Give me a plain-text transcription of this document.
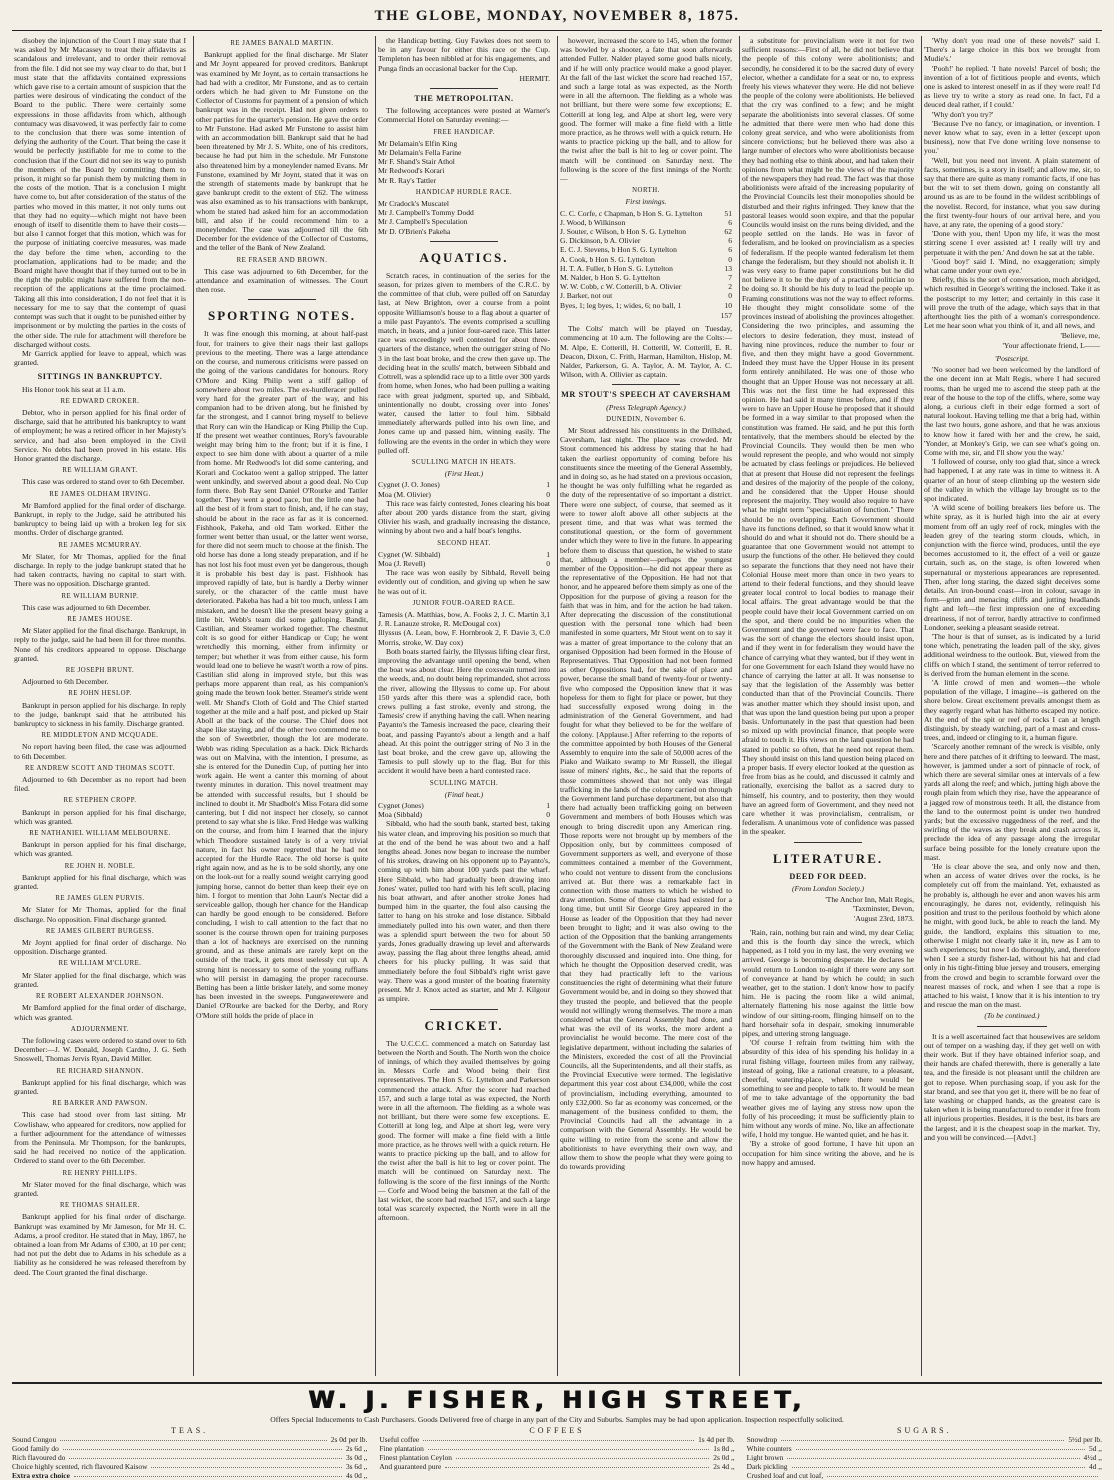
THE GLOBE, MONDAY, NOVEMBER 8, 1875.

disobey the injunction of the Court I may state that I was asked by Mr Macassey to treat their affidavits as scandalous and irrelevant, and to order their removal from the file. I did not see my way clear to do that, but I must state that the affidavits contained expressions which gave rise to a certain amount of suspicion that the parties were desirous of vindicating the conduct of the Board to the public. There were certainly some expressions in those affidavits from which, although contumacy was disavowed, it was perfectly fair to come to the conclusion that there was some intention of defying the authority of the Court. That being the case it would be perfectly justifiable for me to come to the conclusion that if the Court did not see its way to punish the members of the Board by committing them to prison, it might so far punish them by mulcting them in the costs of the motion. That is a conclusion I might have come to, but after consideration of the status of the parties who moved in this matter, it not only turns out that they had no equity—which might not have been enough of itself to disentitle them to have their costs—but also I cannot forget that this motion, which was for the purpose of initiating coercive measures, was made the day before the time when, according to the proclamation, applications had to be made; and the Board might have thought that if they turned out to be in the right the public might have suffered from the non-reception of the applications at the time proclaimed. Taking all this into consideration, I do not feel that it is necessary for me to say that the contempt of quasi contempt was such that it ought to be punished either by imprisonment or by mulcting the parties in the costs of the other side. The rule for attachment will therefore be discharged without costs.

Mr Garrick applied for leave to appeal, which was granted.

SITTINGS IN BANKRUPTCY.

His Honor took his seat at 11 a.m.

RE EDWARD CROKER.

Debtor, who in person applied for his final order of discharge, said that he attributed his bankruptcy to want of employment; he was a retired officer in her Majesty's service, and had also been employed in the Civil Service. No debts had been proved in his estate. His Honor granted the discharge.

RE WILLIAM GRANT.

This case was ordered to stand over to 6th December.

RE JAMES OLDHAM IRVING.

Mr Bamford applied for the final order of discharge. Bankrupt, in reply to the Judge, said he attributed his bankruptcy to being laid up with a broken leg for six months. Order of discharge granted.

RE JAMES MCMURRAY.

Mr Slater, for Mr Thomas, applied for the final discharge. In reply to the judge bankrupt stated that he had taken contracts, having no capital to start with. There was no opposition. Discharge granted.

RE WILLIAM BURNIP.

This case was adjourned to 6th December.

RE JAMES HOUSE.

Mr Slater applied for the final discharge. Bankrupt, in reply to the judge, said he had been ill for three months. None of his creditors appeared to oppose. Discharge granted.

RE JOSEPH BRUNT.

Adjourned to 6th December.

RE JOHN HESLOP.

Bankrupt in person applied for his discharge. In reply to the judge, bankrupt said that he attributed his bankruptcy to sickness in his family. Discharge granted.

RE MIDDLETON AND MCQUADE.

No report having been filed, the case was adjourned to 6th December.

RE ANDREW SCOTT AND THOMAS SCOTT.

Adjourned to 6th December as no report had been filed.

RE STEPHEN CROPP.

Bankrupt in person applied for his final discharge, which was granted.

RE NATHANIEL WILLIAM MELBOURNE.

Bankrupt in person applied for his final discharge, which was granted.

RE JOHN H. NOBLE.

Bankrupt applied for his final discharge, which was granted.

RE JAMES GLEN PURVIS.

Mr Slater for Mr Thomas, applied for the final discharge. No opposition. Final discharge granted.

RE JAMES GILBERT BURGESS.

Mr Joynt applied for final order of discharge. No opposition. Discharge granted.

RE WILLIAM M'CLURE.

Mr Slater applied for the final discharge, which was granted.

RE ROBERT ALEXANDER JOHNSON.

Mr Bamford applied for the final order of discharge, which was granted.

ADJOURNMENT.

The following cases were ordered to stand over to 6th December:—J. W. Donald, Joseph Cardno, J. G. Seth Snoswell, Thomas Jervis Ryan, David Miller.

RE RICHARD SHANNON.

Bankrupt applied for his final discharge, which was granted.

RE BARKER AND PAWSON.

This case had stood over from last sitting. Mr Cowlishaw, who appeared for creditors, now applied for a further adjournment for the attendance of witnesses from the Peninsula. Mr Thompson, for the bankrupts, said he had received no notice of the application. Ordered to stand over to the 6th December.

RE HENRY PHILLIPS.

Mr Slater moved for the final discharge, which was granted.

RE THOMAS SHAILER.

Bankrupt applied for his final order of discharge. Bankrupt was examined by Mr Jameson, for Mr H. C. Adams, a proof creditor. He stated that in May, 1867, he obtained a loan from Mr Adams of £300, at 10 per cent; had not put the debt due to Adams in his schedule as a liability as he considered he was released therefrom by deed. The Court granted the final discharge.

RE JAMES BANALD MARTIN.

Bankrupt applied for the final discharge. Mr Slater and Mr Joynt appeared for proved creditors. Bankrupt was examined by Mr Joynt, as to certain transactions he had had with a creditor, Mr Funstone, and as to certain orders which he had given to Mr Funstone on the Collector of Customs for payment of a pension of which bankrupt was in the receipt. Had not given orders to other parties for the quarter's pension. He gave the order to Mr Funstone. Had asked Mr Funstone to assist him with an accommodation bill. Bankrupt said that he had been threatened by Mr J. S. White, one of his creditors, because he had put him in the schedule. Mr Funstone also threatened him by a moneylender named Evans. Mr Funstone, examined by Mr Joynt, stated that it was on the strength of statements made by bankrupt that he gave bankrupt credit to the extent of £62. The witness was also examined as to his transactions with bankrupt, whom he stated had asked him for an accommodation bill, and also if he could recommend him to a moneylender. The case was adjourned till the 6th December for the evidence of the Collector of Customs, and the teller of the Bank of New Zealand.

RE FRASER AND BROWN.

This case was adjourned to 6th December, for the attendance and examination of witnesses. The Court then rose.

SPORTING NOTES.

It was fine enough this morning, at about half-past four, for trainers to give their nags their last gallops previous to the meeting. There was a large attendance on the course, and numerous criticisms were passed on the going of the various candidates for honours. Rory O'More and King Philip went a stiff gallop of somewhere about two miles. The ex-hurdleracer pulled very hard for the greater part of the way, and his companion had to be driven along, but he finished by far the strongest, and I cannot bring myself to believe that Rory can win the Handicap or King Philip the Cup. If the present wet weather continues, Rory's favourable weight may bring him to the front; but if it is fine, I expect to see him done with about a quarter of a mile from home. Mr Redwood's lot did some cantering, and Korari and Cockatoo went a gallop stripped. The latter went unkindly, and swerved about a good deal. No Cup form there. Bob Ray sent Daniel O'Rourke and Tattler together. They went a good pace, but the little one had all the best of it from start to finish, and, if he can stay, should be about in the race as far as it is concerned. Fishhook, Pakeha, and old Tam worked. Either the former went better than usual, or the latter went worse, for there did not seem much to choose at the finish. The old horse has done a long steady preparation, and if he has not lost his foot must even yet be dangerous, though it is probable his best day is past. Fishhook has improved rapidly of late, but is hardly a Derby winner surely, or the character of the cattle must have deteriorated. Pakeha has had a bit too much, unless I am mistaken, and he doesn't like the present heavy going a little bit. Webb's team did some galloping. Bandit, Castilian, and Steamer worked together. The chestnut colt is so good for either Handicap or Cup; he went wretchedly this morning, either from infirmity or temper; but whether it was from either cause, his form would lead one to believe he wasn't worth a row of pins. Castilian slid along in improved style, but this was perhaps more apparent than real, as his companion's going made the brown look better. Steamer's stride went well. Mr Shand's Cloth of Gold and The Chief started together at the mile and a half post, and picked up Stair Aboll at the back of the course. The Chief does not shape like staying, and of the other two commend me to the son of Sweetbrier, though the lot are moderate. Webb was riding Speculation as a hack. Dick Richards was out on Malvina, with the intention, I presume, as she is entered for the Dunedin Cup, of putting her into work again. He went a canter this morning of about twenty minutes in duration. This novel treatment may be attended with successful results, but I should be inclined to doubt it. Mr Shadbolt's Miss Fotara did some cantering, but I did not inspect her closely, so cannot pretend to say what she is like. Fred Hedge was walking on the course, and from him I learned that the injury which Theodore sustained lately is of a very trivial nature, in fact his owner regretted that he had not accepted for the Hurdle Race. The old horse is quite right again now, and as he is to be sold shortly, any one on the look-out for a really sound weight carrying good jumping horse, cannot do better than keep their eye on him. I forgot to mention that John Laun's Nectar did a serviceable gallop, though her chance for the Handicap can hardly be good enough to be considered. Before concluding, I wish to call attention to the fact that no sooner is the course thrown open for training purposes than a lot of hackneys are exercised on the running ground, and as these animals are rarely kept on the outside of the track, it gets most uselessly cut up. A strong hint is necessary to some of the young ruffians who will persist in damaging the proper racecourse. Betting has been a little brisker lately, and some money has been invested in the sweeps. Pungawerewere and Daniel O'Rourke are backed for the Derby, and Rory O'More still holds the pride of place in

the Handicap betting. Guy Fawkes does not seem to be in any favour for either this race or the Cup. Templeton has been nibbled at for his engagements, and Punga finds an occasional backer for the Cup.

HERMIT.
THE METROPOLITAN.

The following acceptances were posted at Warner's Commercial Hotel on Saturday evening:—

FREE HANDICAP.
Mr Delamain's Elfin King
Mr Delamain's Fella Farine
Mr F. Shand's Stair Athol
Mr Redwood's Korari
Mr R. Ray's Tattler
HANDICAP HURDLE RACE.
Mr Cradock's Muscatel
Mr J. Campbell's Tommy Dodd
Mr J. Campbell's Speculation
Mr D. O'Brien's Pakeha
AQUATICS.

Scratch races, in continuation of the series for the season, for prizes given to members of the C.R.C. by the committee of that club, were pulled off on Saturday last, at New Brighton, over a course from a point opposite Williamson's house to a flag about a quarter of a mile past Payanto's. The events comprised a sculling match, in heats, and a junior four-oared race. This latter race was exceedingly well contested for about three-quarters of the distance, when the outrigger string of No 3 in the last boat broke, and the crew then gave up. The deciding heat in the sculls' match, between Sibbald and Cottrell, was a splendid race up to a little over 300 yards from home, when Jones, who had been pulling a waiting race with great judgment, spurted up, and Sibbald, unintentionally no doubt, crossing over into Jones' water, caused the latter to foul him. Sibbald immediately afterwards pulled into his own line, and Jones came up and passed him, winning easily. The following are the events in the order in which they were pulled off.

SCULLING MATCH IN HEATS.
(First Heat.)
Cygnet (J. O. Jones)	1
Moa (M. Olivier)	0

This race was fairly contested, Jones clearing his boat after about 200 yards distance from the start, giving Olivier his wash, and gradually increasing the distance, winning by about two and a half boat's lengths.

SECOND HEAT.
Cygnet (W. Sibbald)	1
Moa (J. Revell)	0

The race was won easily by Sibbald, Revell being evidently out of condition, and giving up when he saw he was out of it.

JUNIOR FOUR-OARED RACE.
Tamesis (A. Matthias, bow, A. Fooks 2, J. C. Martin 3, J. R. Lanauze stroke, R. McDougal cox)
1
Illyssus (A. Lean, bow, F. Hornbrook 2, F. Davie 3, C. Morris, stroke, W. Day cox)
0

Both boats started fairly, the Illyssus lifting clear first, improving the advantage until opening the bend, when the boat was about clear. Here the coxswain turned into the weeds, and, no doubt being reprimanded, shot across the river, allowing the Illyssus to come up. For about 150 yards after this there was a splendid race, both crews pulling a fast stroke, evenly and strong, the Tamesis' crew if anything having the call. When nearing Payanto's the Tamesis increased the pace, clearing their boat, and passing Payanto's about a length and a half ahead. At this point the outrigger string of No 3 in the last boat broke, and the crew gave up, allowing the Tamesis to pull slowly up to the flag. But for this accident it would have been a hard contested race.

SCULLING MATCH.
(Final heat.)
Cygnet (Jones)	1
Moa (Sibbald)	0

Sibbald, who had the south bank, started best, taking his water clean, and improving his position so much that at the end of the bend he was about two and a half lengths ahead. Jones now began to increase the number of his strokes, drawing on his opponent up to Payanto's, coming up with him about 100 yards past the wharf. Here Sibbald, who had gradually been drawing into Jones' water, pulled too hard with his left scull, placing his boat athwart, and after another stroke Jones had bumped him in the quarter, the foul also causing the latter to hang on his stroke and lose distance. Sibbald immediately pulled into his own water, and then there was a splendid spurt between the two for about 50 yards, Jones gradually drawing up level and afterwards away, passing the flag about three lengths ahead, amid cheers for his plucky pulling. It was said that immediately before the foul Sibbald's right wrist gave way. There was a good muster of the boating fraternity present. Mr J. Knox acted as starter, and Mr J. Kilgour as umpire.

CRICKET.

The U.C.C.C. commenced a match on Saturday last between the North and South. The North won the choice of innings, of which they availed themselves by going in. Messrs Corfe and Wood being their first representatives. The Hon S. G. Lyttelton and Parkerson commenced the attack. After the scorer had reached 157, and such a large total as was expected, the North were in all the afternoon. The fielding as a whole was not brilliant, but there were some few exceptions. E. Cotterill at long leg, and Alpe at short leg, were very good. The former will make a fine field with a little more practice, as he throws well with a quick return. He wants to practice picking up the ball, and to allow for the twist after the ball is hit to leg or cover point. The match will be continued on Saturday next. The following is the score of the first innings of the North:— Corfe and Wood being the batsmen at the fall of the last wicket, the score had reached 157, and such a large total was scarcely expected, the North were in all the afternoon.

however, increased the score to 145, when the former was bowled by a shooter, a fate that soon afterwards attended Fuller. Nalder played some good balls nicely, and if he will only practice would make a good player. At the fall of the last wicket the score had reached 157, and such a large total as was expected, as the North were in all the afternoon. The fielding as a whole was not brilliant, but there were some few exceptions; E. Cotterill at long leg, and Alpe at short leg, were very good. The former will make a fine field with a little more practice, as he throws well with a quick return. He wants to practice picking up the ball, and to allow for the twist after the ball is hit to leg or cover point. The match will be continued on Saturday next. The following is the score of the first innings of the North:—

NORTH.
First innings.
C. C. Corfe, c Chapman, b Hon S. G. Lyttelton	51
J. Wood, b Wilkinson	6
J. Souter, c Wilson, b Hon S. G. Lyttelton	62
G. Dickinson, b A. Olivier	6
E. C. J. Stevens, b Hon S. G. Lyttelton	6
A. Cook, b Hon S. G. Lyttelton	0
H. T. A. Fuller, b Hon S. G. Lyttelton	13
M. Nalder, b Hon S. G. Lyttelton	7
W. W. Cobb, c W. Cotterill, b A. Olivier	2
J. Barker, not out	0
Byes, 1; leg byes, 1; wides, 6; no ball, 1	10
157

The Colts' match will be played on Tuesday, commencing at 10 a.m. The following are the Colts:—M. Alpe, E. Cotterill, H. Cotterill, W. Cotterill, E. R. Deacon, Dixon, C. Frith, Harman, Hamilton, Hislop, M. Nalder, Parkerson, G. A. Taylor, A. M. Taylor, A. C. Wilson, with A. Ollivier as captain.

MR STOUT'S SPEECH AT CAVERSHAM
(Press Telegraph Agency.)
DUNEDIN, November 6.

Mr Stout addressed his constituents in the Drillshed, Caversham, last night. The place was crowded. Mr Stout commenced his address by stating that he had taken the earliest opportunity of coming before his constituents since the meeting of the General Assembly, and in doing so, as he had stated on a previous occasion, he thought he was only fulfilling what he regarded as the duty of the representative of so important a district. There were one subject, of course, that seemed as it were to tower aloft above all other subjects at the present time, and that was what was termed the constitutional question, or the form of government under which they were to live in the future. In appearing before them to discuss that question, he wished to state that, although a member—perhaps the youngest member of the Opposition—he did not appear there as the representative of the Opposition. He had not that honor, and he appeared before them simply as one of the Opposition for the purpose of giving a reason for the faith that was in him, and for the action he had taken. After deprecating the discussion of the constitutional question with the personal tone which had been manifested in some quarters, Mr Stout went on to say it was a matter of great importance to the colony that an organised Opposition had been formed in the House of Representatives. That Opposition had not been formed as other Oppositions had, for the sake of place and power, because the small band of twenty-four or twenty-five who composed the Opposition knew that it was hopeless for them to fight for place or power, but they had successfully exposed wrong doing in the administration of the General Government, and had fought for what they believed to be for the welfare of the colony. [Applause.] After referring to the reports of the committee appointed by both Houses of the General Assembly to enquire into the sale of 50,000 acres of the Piako and Waikato swamp to Mr Russell, the illegal issue of miners' rights, &c., he said that the reports of those committees showed that not only was illegal trafficking in the lands of the colony carried on through the Government land purchase department, but also that there had actually been trafficking going on between Government and members of both Houses which was enough to bring discredit upon any American ring. Those reports were not brought up by members of the Opposition only, but by committees composed of Government supporters as well, and everyone of those committees contained a member of the Government, who could not venture to dissent from the conclusions arrived at. But there was a remarkable fact in connection with those matters to which he wished to draw attention. Some of those claims had existed for a long time, but until Sir George Grey appeared in the House as leader of the Opposition that they had never been brought to light; and it was also owing to the action of the Opposition that the banking arrangements of the Government with the Bank of New Zealand were thoroughly discussed and inquired into. One thing, for which he thought the Opposition deserved credit, was that they had practically left to the various constituencies the right of determining what their future Government would be, and in doing so they showed that they trusted the people, and believed that the people would not willingly wrong themselves. The more a man considered what the General Assembly had done, and what was the evil of its works, the more ardent a provincialist he would become. The mere cost of the legislative department, without including the salaries of the Ministers, exceeded the cost of all the Provincial Councils, all the Superintendents, and all their staffs, as the Provincial Executive were termed. The legislative department this year cost about £34,000, while the cost of provincialism, including everything, amounted to only £32,000. So far as economy was concerned, or the management of the business confided to them, the Provincial Councils had all the advantage in a comparison with the General Assembly. He would be quite willing to retire from the scene and allow the abolitionists to have everything their own way, and allow them to show the people what they were going to do towards providing

a substitute for provincialism were it not for two sufficient reasons:—First of all, he did not believe that the people of this colony were abolitionists; and secondly, he considered it to be the sacred duty of every elector, whether a candidate for a seat or no, to express freely his views whatever they were. He did not believe the people of the colony were abolitionists. He believed that the cry was confined to a few; and he might separate the abolitionists into several classes. Of some he admitted that there were men who had done this colony great service, and who were abolitionists from sincere convictions; but he believed there was also a large number of electors who were abolitionists because they had nothing else to think about, and had taken their opinions from what might be the views of the majority of the newspapers they had read. The fact was that those abolitionists were afraid of the increasing popularity of the Provincial Councils lest their monopolies should be disturbed and their rights infringed. They knew that the pastoral leases would soon expire, and that the popular Councils would insist on the runs being divided, and the people settled on the lands. He was in favor of federalism, and he looked on provincialism as a species of federalism. If the people wanted federalism let them change the federalism, but they should not abolish it. It was very easy to frame paper constitutions but he did not believe it to be the duty of a practical politician to be doing so. It should be his duty to lead the people up. Framing constitutions was not the way to effect reforms. He thought they might consolidate some of the provinces instead of abolishing the provinces altogether. Considering the two principles, and assuming the electors to desire federation, they must, instead of having nine provinces, reduce the number to four or five, and then they might have a good Government. Indeed they must have the Upper House in its present form entirely annihilated. He was one of those who thought that an Upper House was not necessary at all. This was not the first time he had expressed this opinion. He had said it many times before, and if they were to have an Upper House he proposed that it should be formed in a way similar to that proposed when the constitution was framed. He said, and he put this forth tentatively, that the members should be elected by the Provincial Councils. They would then be men who would represent the people, and who would not simply be actuated by class feelings or prejudices. He believed that at present that House did not represent the feelings and desires of the majority of the people of the colony, and he considered that the Upper House should represent the majority. They would also require to have what he might term "specialisation of function." There should be no overlapping. Each Government should have its functions defined, so that it would know what it should do and what it should not do. There should be a guarantee that one Government would not attempt to usurp the functions of the other. He believed they could so separate the functions that they need not have their Colonial House meet more than once in two years to attend to their federal functions, and they should leave greater local control to local bodies to manage their local affairs. The great advantage would be that the people could have their local Government carried on on the spot, and there could be no impurities when the Government and the governed were face to face. That was the sort of change the electors should insist upon, and if they went in for federalism they would have the chance of carrying what they wanted, but if they went in for one Government for each Island they would have no chance of carrying the latter at all. It was nonsense to say that the legislation of the Assembly was better conducted than that of the Provincial Councils. There was another matter which they should insist upon, and that was upon the land question being put upon a proper basis. Unfortunately in the past that question had been so mixed up with provincial finance, that people were afraid to touch it. His views on the land question he had stated in public so often, that he need not repeat them. They should insist on this land question being placed on a proper basis. If every elector looked at the question as free from bias as he could, and discussed it calmly and rationally, exercising the ballot as a sacred duty to himself, his country, and to posterity, then they would have an agreed form of Government, and they need not care whether it was provincialism, centralism, or federalism. A unanimous vote of confidence was passed in the speaker.

LITERATURE.
DEED FOR DEED.
(From London Society.)
'The Anchor Inn, Malt Regis,
'Taxminster, Devon,
'August 23rd, 1873.

'Rain, rain, nothing but rain and wind, my dear Celia; and this is the fourth day since the wreck, which happened, as I told you in my last, the very evening we arrived. George is becoming desperate. He declares he would return to London to-night if there were any sort of conveyance at hand by which he could; in such weather, get to the station. I don't know how to pacify him. He is pacing the room like a wild animal, alternately flattening his nose against the little bow window of our sitting-room, flinging himself on to the hard horsehair sofa in despair, smoking innumerable pipes, and uttering strong language.

'Of course I refrain from twitting him with the absurdity of this idea of his spending his holiday in a rural fishing village, fourteen miles from any railway, instead of going, like a rational creature, to a pleasant, cheerful, watering-place, where there would be something to see and people to talk to. It would be mean of me to take advantage of the opportunity the bad weather gives me of laying any stress now upon the folly of his proceeding; it must be sufficiently plain to him without any words of mine. No, like an affectionate wife, I hold my tongue. He wanted quiet, and he has it.

'By a stroke of good fortune, I have hit upon an occupation for him since writing the above, and he is now happy and amused.

'Why don't you read one of these novels?' said I. 'There's a large choice in this box we brought from Mudie's.'

'Pooh!' he replied. 'I hate novels! Parcel of bosh; the invention of a lot of fictitious people and events, which one is asked to interest oneself in as if they were real! I'd as lieve try to write a story as read one. In fact, I'd a deuced deal rather, if I could.'

'Why don't you try?'

'Because I've no fancy, or imagination, or invention. I never know what to say, even in a letter (except upon business), now that I've done writing love nonsense to you.'

'Well, but you need not invent. A plain statement of facts, sometimes, is a story in itself; and allow me, sir, to say that there are quite as many romantic facts, if one has but the wit to set them down, going on constantly all around us as are to be found in the wildest scribblings of the novelist. Record, for instance, what you saw during the first twenty-four hours of our arrival here, and you have, at any rate, the opening of a good story.'

'Done with you, then! Upon my life, it was the most stirring scene I ever assisted at! I really will try and perpetuate it with the pen.' And down he sat at the table.

'Good boy!' said I. 'Mind, no exaggeration; simply what came under your own eye.'

Briefly, this is the sort of conversation, much abridged, which resulted in George's writing the inclosed. Take it as the postscript to my letter; and certainly in this case it will prove the truth of the adage, which says that in that afterthought lies the pith of a woman's correspondence. Let me hear soon what you think of it, and all news, and

'Believe, me,
'Your affectionate friend, L——
'Postscript.

'No sooner had we been welcomed by the landlord of the one decent inn at Malt Regis, where I had secured rooms, than he urged me to ascend the steep path at the rear of the house to the top of the cliffs, where, some way along, a curious cleft in their edge formed a sort of natural lookout. Having telling me that a brig had, within the last two hours, gone ashore, and that he was anxious to know how it fared with her and the crew, he said, 'Yonder, at Monkey's Grip, we can see what's going on. Come with me, sir, and I'll show you the way.'

'I followed of course, only too glad that, since a wreck had happened, I at any rate was in time to witness it. A quarter of an hour of steep climbing up the western side of the valley in which the village lay brought us to the spot indicated.

'A wild scene of boiling breakers lies before us. The white spray, as it is hurled high into the air at every moment from off an ugly reef of rock, mingles with the leaden grey of the tearing storm clouds, which, in conjunction with the fierce wind, produces, until the eye becomes accustomed to it, the effect of a veil or gauze curtain, such as, on the stage, is often lowered when supernatural or mysterious appearances are represented. Then, after long staring, the dazed sight deceives some details. An iron-bound coast—iron in colour, savage in form—grim and menacing cliffs and jutting headlands right and left—the first impression one of exceeding dreariness, if not of terror, hardly attractive to confirmed Londoner, seeking a pleasant seaside retreat.

'The hour is that of sunset, as is indicated by a lurid tone which, penetrating the leaden pall of the sky, gives additional weirdness to the outlook. But, viewed from the cliffs on which I stand, the sentiment of terror referred to is derived from the human element in the scene.

'A little crowd of men and women—the whole population of the village, I imagine—is gathered on the shore below. Great excitement prevails amongst them as they eagerly regard what has hitherto escaped my notice. At the end of the spit or reef of rocks I can at length distinguish, by steady watching, part of a mast and cross-trees, and, indeed or clinging to it, a human figure.

'Scarcely another remnant of the wreck is visible, only here and there patches of it drifting to leeward. The mast, however, is jammed under a sort of pinnacle of rock, of which there are several similar ones at intervals of a few yards all along the reef; and which, jutting high above the rough plain from which they rise, have the appearance of a jagged row of monstrous teeth. It all, the distance from the land to the outermost point is under two hundred yards; but the excessive ruggedness of the reef, and the swirling of the waves as they break and crash across it, preclude the idea of any passage along the irregular surface being possible for the lonely creature upon the mast.

'He is clear above the sea, and only now and then, when an access of water drives over the rocks, is he completely cut off from the mainland. Yet, exhausted as he probably is, although he ever and anon waves his arm encouragingly, he dares not, evidently, relinquish his position and trust to the perilous foothold by which alone he might, with good luck, be able to reach the land. My guide, the landlord, explains this situation to me, otherwise I might not clearly take it in, new as I am to such experiences; but now I do thoroughly, and, therefore when I see a sturdy fisher-lad, without his hat and clad only in his tight-fitting blue jersey and trousers, emerging from the crowd and begin to scramble forward over the nearest masses of rock, and when I see that a rope is attached to his waist, I know that it is his intention to try and rescue the man on the mast.

(To be continued.)

It is a well ascertained fact that housewives are seldom out of temper on a washing day, if they get well on with their work. But if they have obtained inferior soap, and their hands are chafed therewith, there is generally a late tea, and the fireside is not pleasant until the children are got to repose. When purchasing soap, if you ask for the star brand, and see that you get it, there will be no fear of late washing or chapped hands, as the greatest care is taken when it is being manufactured to render it free from all injurious properties. Besides, it is the best, its bars are the largest, and it is the cheapest soap in the market. Try, and you will be convinced.—[Advt.]

W. J. FISHER, HIGH STREET,
Offers Special Inducements to Cash Purchasers. Goods Delivered free of charge in any part of the City and Suburbs. Samples may be had upon application. Inspection respectfully solicited.
TEAS.
Sound Congou	2s 0d per lb.
Good family do	2s 6d ,,
Rich flavoured do	3s 0d ,,
Choice highly scented, rich flavoured Kaisow	3s 6d ,,
Extra extra choice	4s 0d ,,
COFFEES
Useful coffee	1s 4d per lb.
Fine plantation	1s 8d ,,
Finest plantation Ceylon	2s 0d ,,
And guaranteed pure	2s 4d ,,
SUGARS.
Snowdrop	5½d per lb.
White counters	5d ,,
Light brown	4½d ,,
Dark pickling	4d ,,
Crushed loaf and cut loaf,
